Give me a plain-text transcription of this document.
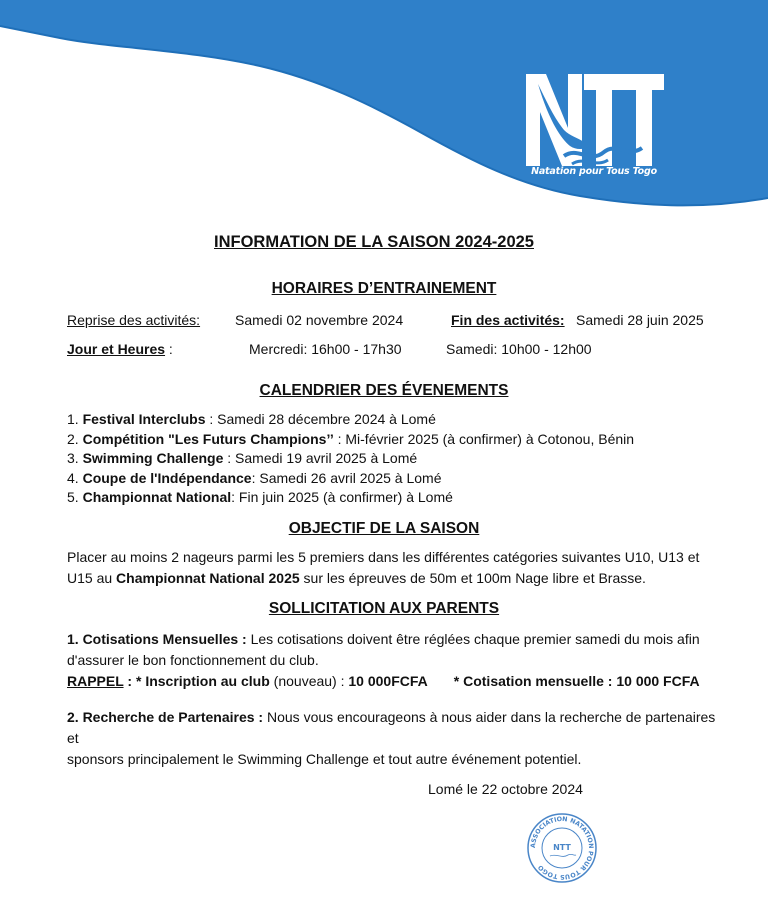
Natation pour Tous Togo
INFORMATION DE LA SAISON 2024-2025
HORAIRES D’ENTRAINEMENT
Reprise des activités: Samedi 02 novembre 2024	Fin des activités: Samedi 28 juin 2025
Jour et Heures :	Mercredi: 16h00 - 17h30	Samedi: 10h00 - 12h00
CALENDRIER DES ÉVENEMENTS
1. Festival Interclubs : Samedi 28 décembre 2024 à Lomé
2. Compétition "Les Futurs Champions’’ : Mi-février 2025 (à confirmer) à Cotonou, Bénin
3. Swimming Challenge : Samedi 19 avril 2025 à Lomé
4. Coupe de l'Indépendance: Samedi 26 avril 2025 à Lomé
5. Championnat National: Fin juin 2025 (à confirmer) à Lomé
OBJECTIF DE LA SAISON
Placer au moins 2 nageurs parmi les 5 premiers dans les différentes catégories suivantes U10, U13 et
U15 au Championnat National 2025 sur les épreuves de 50m et 100m Nage libre et Brasse.
SOLLICITATION AUX PARENTS
1. Cotisations Mensuelles : Les cotisations doivent être réglées chaque premier samedi du mois afin
d'assurer le bon fonctionnement du club.
RAPPEL : * Inscription au club (nouveau) : 10 000FCFA * Cotisation mensuelle : 10 000 FCFA
2. Recherche de Partenaires : Nous vous encourageons à nous aider dans la recherche de partenaires et
sponsors principalement le Swimming Challenge et tout autre événement potentiel.
Lomé le 22 octobre 2024
ASSOCIATION NATATION POUR TOUS TOGO
NTT
